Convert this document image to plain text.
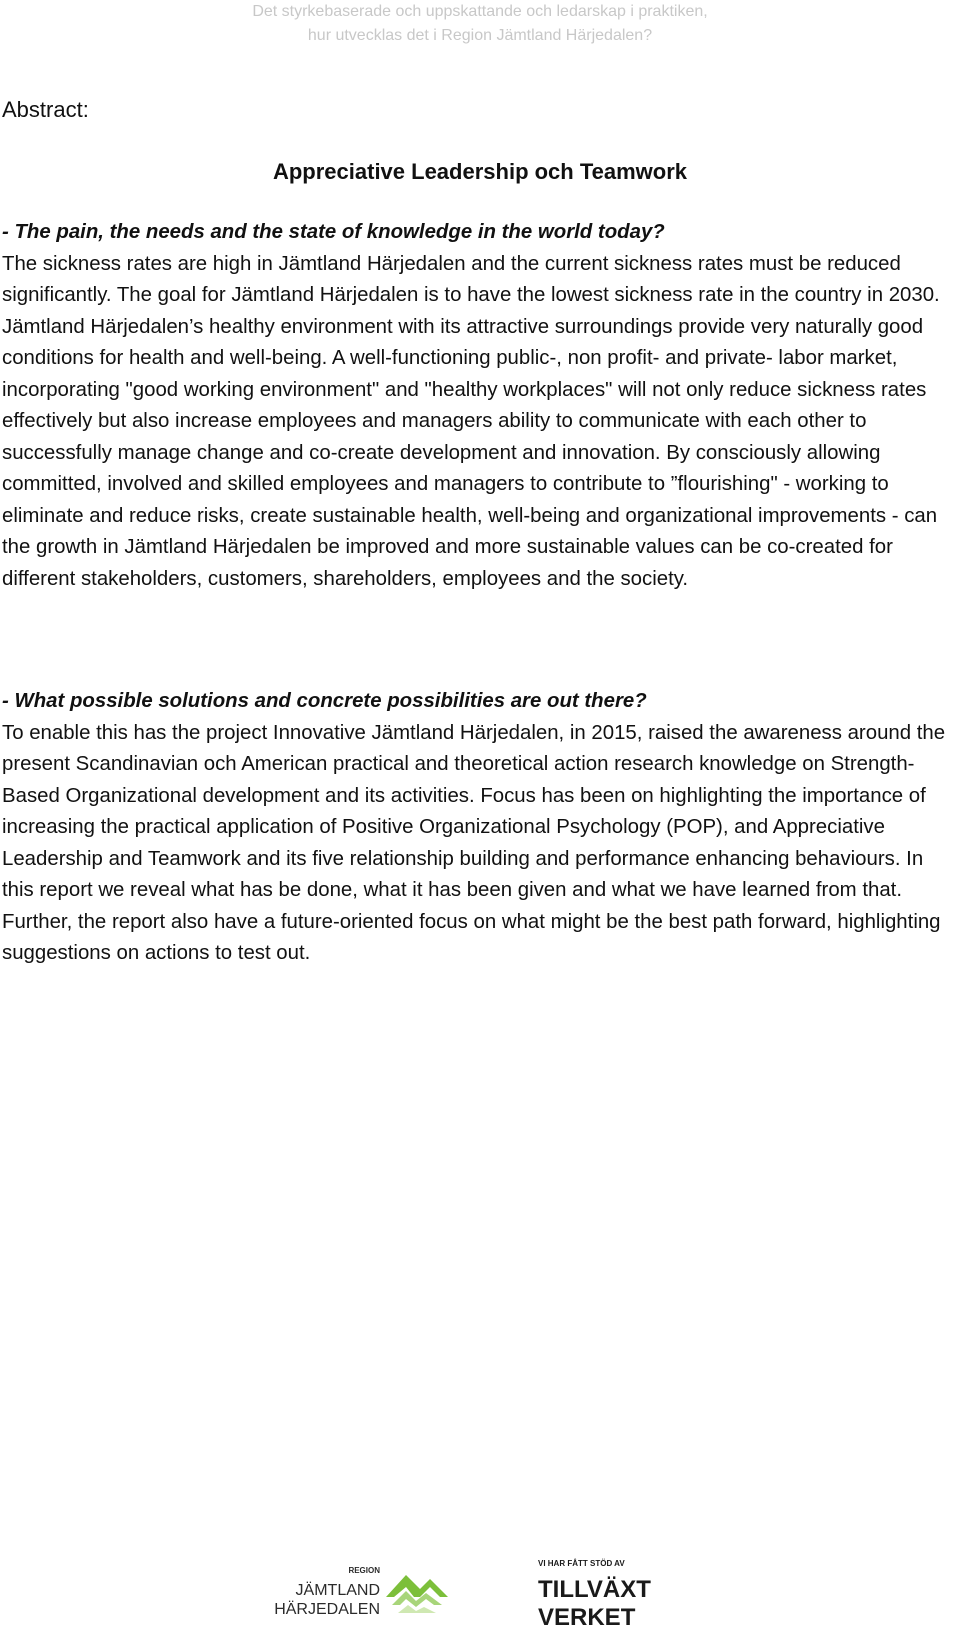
Det styrkebaserade och uppskattande och ledarskap i praktiken,
hur utvecklas det i Region Jämtland Härjedalen?
Abstract:
Appreciative Leadership och Teamwork

- The pain, the needs and the state of knowledge in the world today?

The sickness rates are high in Jämtland Härjedalen and the current sickness rates must be reduced significantly. The goal for Jämtland Härjedalen is to have the lowest sickness rate in the country in 2030. Jämtland Härjedalen’s healthy environment with its attractive surroundings provide very naturally good conditions for health and well-being. A well-functioning public-, non profit- and private- labor market, incorporating "good working environment" and "healthy workplaces" will not only reduce sickness rates effectively but also increase employees and managers ability to communicate with each other to successfully manage change and co-create development and innovation. By consciously allowing committed, involved and skilled employees and managers to contribute to ”flourishing" - working to eliminate and reduce risks, create sustainable health, well-being and organizational improvements - can the growth in Jämtland Härjedalen be improved and more sustainable values can be co-created for different stakeholders, customers, shareholders, employees and the society.

- What possible solutions and concrete possibilities are out there?

To enable this has the project Innovative Jämtland Härjedalen, in 2015, raised the awareness around the present Scandinavian och American practical and theoretical action research knowledge on Strength-Based Organizational development and its activities. Focus has been on highlighting the importance of increasing the practical application of Positive Organizational Psychology (POP), and Appreciative Leadership and Teamwork and its five relationship building and performance enhancing behaviours. In this report we reveal what has be done, what it has been given and what we have learned from that. Further, the report also have a future-oriented focus on what might be the best path forward, highlighting suggestions on actions to test out.

REGION
JÄMTLAND
HÄRJEDALEN
VI HAR FÅTT STÖD AV
TILLVÄXT
VERKET
